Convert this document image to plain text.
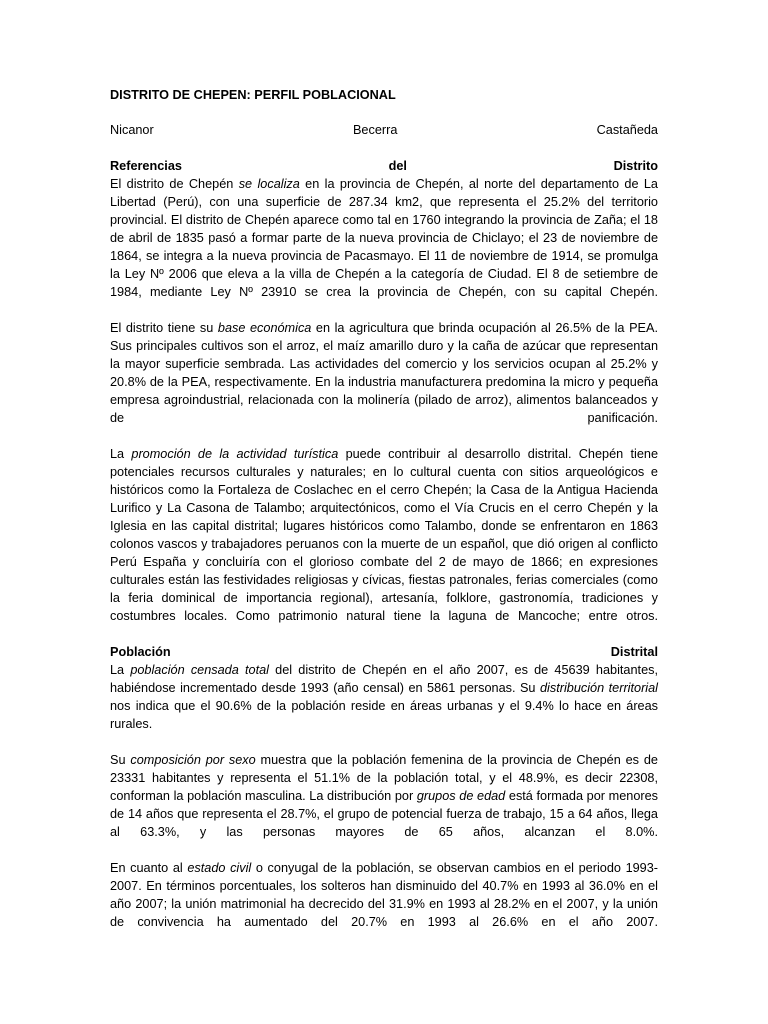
DISTRITO DE CHEPEN: PERFIL POBLACIONAL
Nicanor	Becerra	Castañeda
Referencias	del	Distrito

El distrito de Chepén se localiza en la provincia de Chepén, al norte del departamento de La Libertad (Perú), con una superficie de 287.34 km2, que representa el 25.2% del territorio provincial. El distrito de Chepén aparece como tal en 1760 integrando la provincia de Zaña; el 18 de abril de 1835 pasó a formar parte de la nueva provincia de Chiclayo; el 23 de noviembre de 1864, se integra a la nueva provincia de Pacasmayo. El 11 de noviembre de 1914, se promulga la Ley Nº 2006 que eleva a la villa de Chepén a la categoría de Ciudad. El 8 de setiembre de 1984, mediante Ley Nº 23910 se crea la provincia de Chepén, con su capital Chepén.

El distrito tiene su base económica en la agricultura que brinda ocupación al 26.5% de la PEA. Sus principales cultivos son el arroz, el maíz amarillo duro y la caña de azúcar que representan la mayor superficie sembrada. Las actividades del comercio y los servicios ocupan al 25.2% y 20.8% de la PEA, respectivamente. En la industria manufacturera predomina la micro y pequeña empresa agroindustrial, relacionada con la molinería (pilado de arroz), alimentos balanceados y de panificación.

La promoción de la actividad turística puede contribuir al desarrollo distrital. Chepén tiene potenciales recursos culturales y naturales; en lo cultural cuenta con sitios arqueológicos e históricos como la Fortaleza de Coslachec en el cerro Chepén; la Casa de la Antigua Hacienda Lurifico y La Casona de Talambo; arquitectónicos, como el Vía Crucis en el cerro Chepén y la Iglesia en las capital distrital; lugares históricos como Talambo, donde se enfrentaron en 1863 colonos vascos y trabajadores peruanos con la muerte de un español, que dió origen al conflicto Perú España y concluiría con el glorioso combate del 2 de mayo de 1866; en expresiones culturales están las festividades religiosas y cívicas, fiestas patronales, ferias comerciales (como la feria dominical de importancia regional), artesanía, folklore, gastronomía, tradiciones y costumbres locales. Como patrimonio natural tiene la laguna de Mancoche; entre otros.

Población	Distrital

La población censada total del distrito de Chepén en el año 2007, es de 45639 habitantes, habiéndose incrementado desde 1993 (año censal) en 5861 personas. Su distribución territorial nos indica que el 90.6% de la población reside en áreas urbanas y el 9.4% lo hace en áreas rurales.

Su composición por sexo muestra que la población femenina de la provincia de Chepén es de 23331 habitantes y representa el 51.1% de la población total, y el 48.9%, es decir 22308, conforman la población masculina. La distribución por grupos de edad está formada por menores de 14 años que representa el 28.7%, el grupo de potencial fuerza de trabajo, 15 a 64 años, llega al 63.3%, y las personas mayores de 65 años, alcanzan el 8.0%.

En cuanto al estado civil o conyugal de la población, se observan cambios en el periodo 1993-2007. En términos porcentuales, los solteros han disminuido del 40.7% en 1993 al 36.0% en el año 2007; la unión matrimonial ha decrecido del 31.9% en 1993 al 28.2% en el 2007, y la unión de convivencia ha aumentado del 20.7% en 1993 al 26.6% en el año 2007.
